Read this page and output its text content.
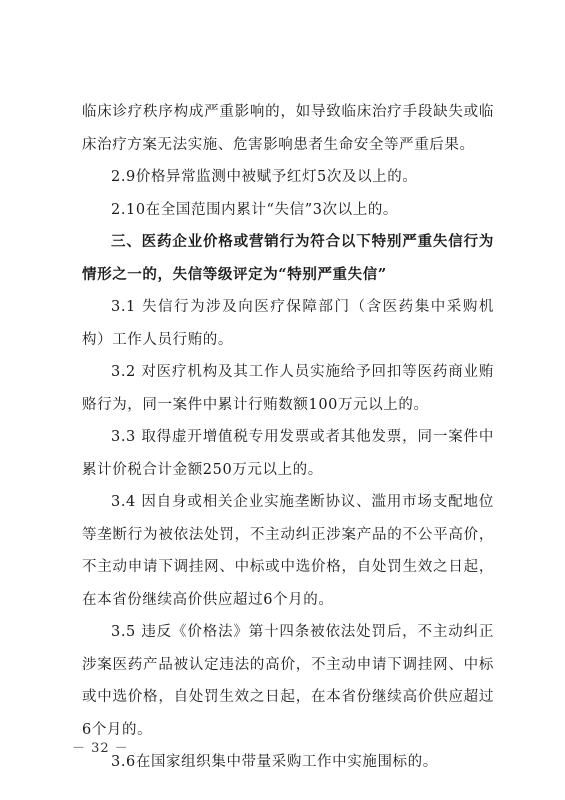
临床诊疗秩序构成严重影响的，如导致临床治疗手段缺失或临床治疗方案无法实施、危害影响患者生命安全等严重后果。

2.9价格异常监测中被赋予红灯5次及以上的。

2.10在全国范围内累计“失信”3次以上的。

三、医药企业价格或营销行为符合以下特别严重失信行为情形之一的，失信等级评定为“特别严重失信”

3.1 失信行为涉及向医疗保障部门（含医药集中采购机构）工作人员行贿的。

3.2 对医疗机构及其工作人员实施给予回扣等医药商业贿赂行为，同一案件中累计行贿数额100万元以上的。

3.3 取得虚开增值税专用发票或者其他发票，同一案件中累计价税合计金额250万元以上的。

3.4 因自身或相关企业实施垄断协议、滥用市场支配地位等垄断行为被依法处罚，不主动纠正涉案产品的不公平高价，不主动申请下调挂网、中标或中选价格，自处罚生效之日起，在本省份继续高价供应超过6个月的。

3.5 违反《价格法》第十四条被依法处罚后，不主动纠正涉案医药产品被认定违法的高价，不主动申请下调挂网、中标或中选价格，自处罚生效之日起，在本省份继续高价供应超过6个月的。

3.6在国家组织集中带量采购工作中实施围标的。

－ 32 －
